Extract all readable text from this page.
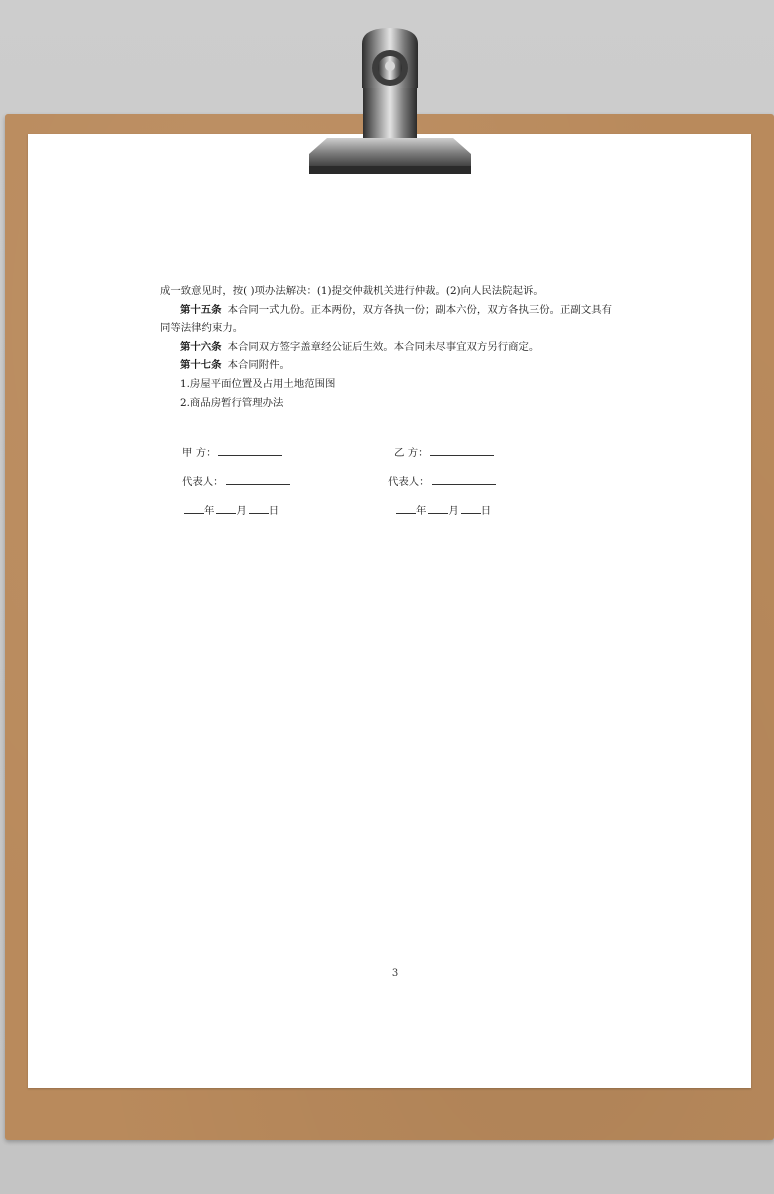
成一致意见时，按( )项办法解决：(1)提交仲裁机关进行仲裁。(2)向人民法院起诉。

第十五条 本合同一式九份。正本两份，双方各执一份；副本六份，双方各执三份。正副文具有

同等法律约束力。

第十六条 本合同双方签字盖章经公证后生效。本合同未尽事宜双方另行商定。

第十七条 本合同附件。

1.房屋平面位置及占用土地范围图

2.商品房暂行管理办法

甲 方：	乙 方：
代表人：	代表人：
年 月 日	年 月 日
3
